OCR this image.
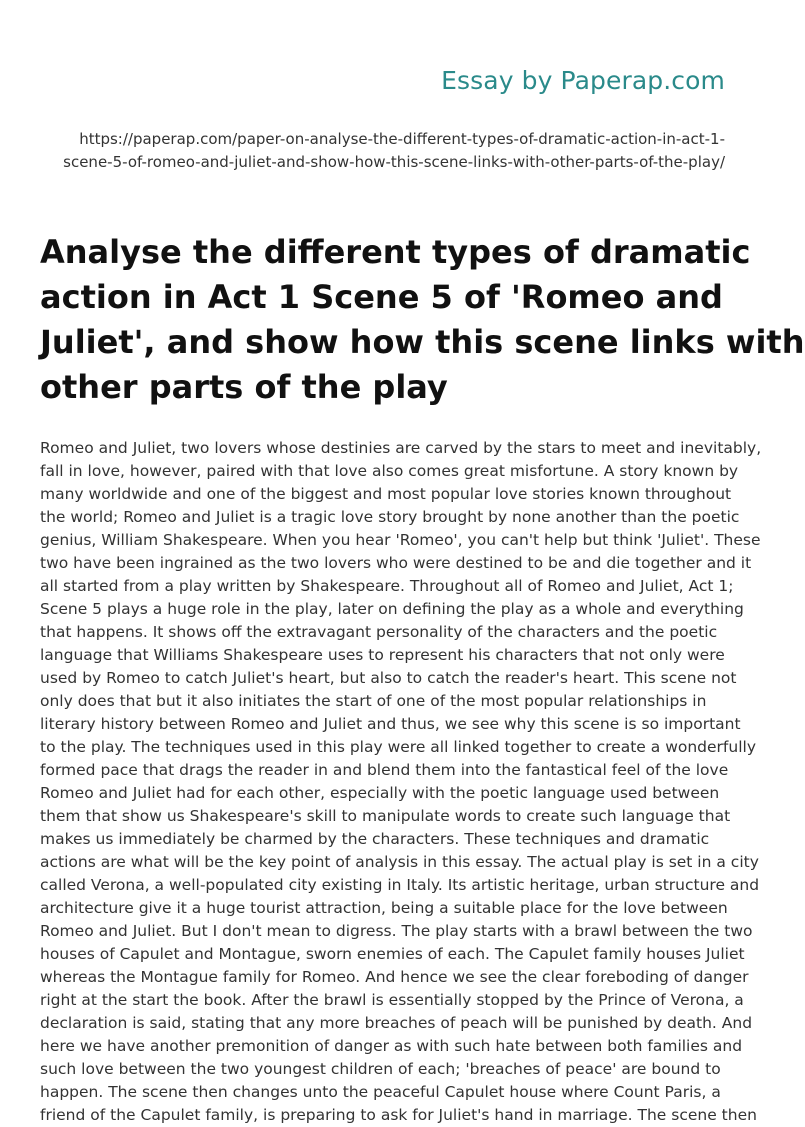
Essay by Paperap.com
https://paperap.com/paper-on-analyse-the-different-types-of-dramatic-action-in-act-1-
scene-5-of-romeo-and-juliet-and-show-how-this-scene-links-with-other-parts-of-the-play/
Analyse the different types of dramatic
action in Act 1 Scene 5 of 'Romeo and
Juliet', and show how this scene links with
other parts of the play
Romeo and Juliet, two lovers whose destinies are carved by the stars to meet and inevitably,
fall in love, however, paired with that love also comes great misfortune. A story known by
many worldwide and one of the biggest and most popular love stories known throughout
the world; Romeo and Juliet is a tragic love story brought by none another than the poetic
genius, William Shakespeare. When you hear 'Romeo', you can't help but think 'Juliet'. These
two have been ingrained as the two lovers who were destined to be and die together and it
all started from a play written by Shakespeare. Throughout all of Romeo and Juliet, Act 1;
Scene 5 plays a huge role in the play, later on defining the play as a whole and everything
that happens. It shows off the extravagant personality of the characters and the poetic
language that Williams Shakespeare uses to represent his characters that not only were
used by Romeo to catch Juliet's heart, but also to catch the reader's heart. This scene not
only does that but it also initiates the start of one of the most popular relationships in
literary history between Romeo and Juliet and thus, we see why this scene is so important
to the play. The techniques used in this play were all linked together to create a wonderfully
formed pace that drags the reader in and blend them into the fantastical feel of the love
Romeo and Juliet had for each other, especially with the poetic language used between
them that show us Shakespeare's skill to manipulate words to create such language that
makes us immediately be charmed by the characters. These techniques and dramatic
actions are what will be the key point of analysis in this essay. The actual play is set in a city
called Verona, a well-populated city existing in Italy. Its artistic heritage, urban structure and
architecture give it a huge tourist attraction, being a suitable place for the love between
Romeo and Juliet. But I don't mean to digress. The play starts with a brawl between the two
houses of Capulet and Montague, sworn enemies of each. The Capulet family houses Juliet
whereas the Montague family for Romeo. And hence we see the clear foreboding of danger
right at the start the book. After the brawl is essentially stopped by the Prince of Verona, a
declaration is said, stating that any more breaches of peach will be punished by death. And
here we have another premonition of danger as with such hate between both families and
such love between the two youngest children of each; 'breaches of peace' are bound to
happen. The scene then changes unto the peaceful Capulet house where Count Paris, a
friend of the Capulet family, is preparing to ask for Juliet's hand in marriage. The scene then
